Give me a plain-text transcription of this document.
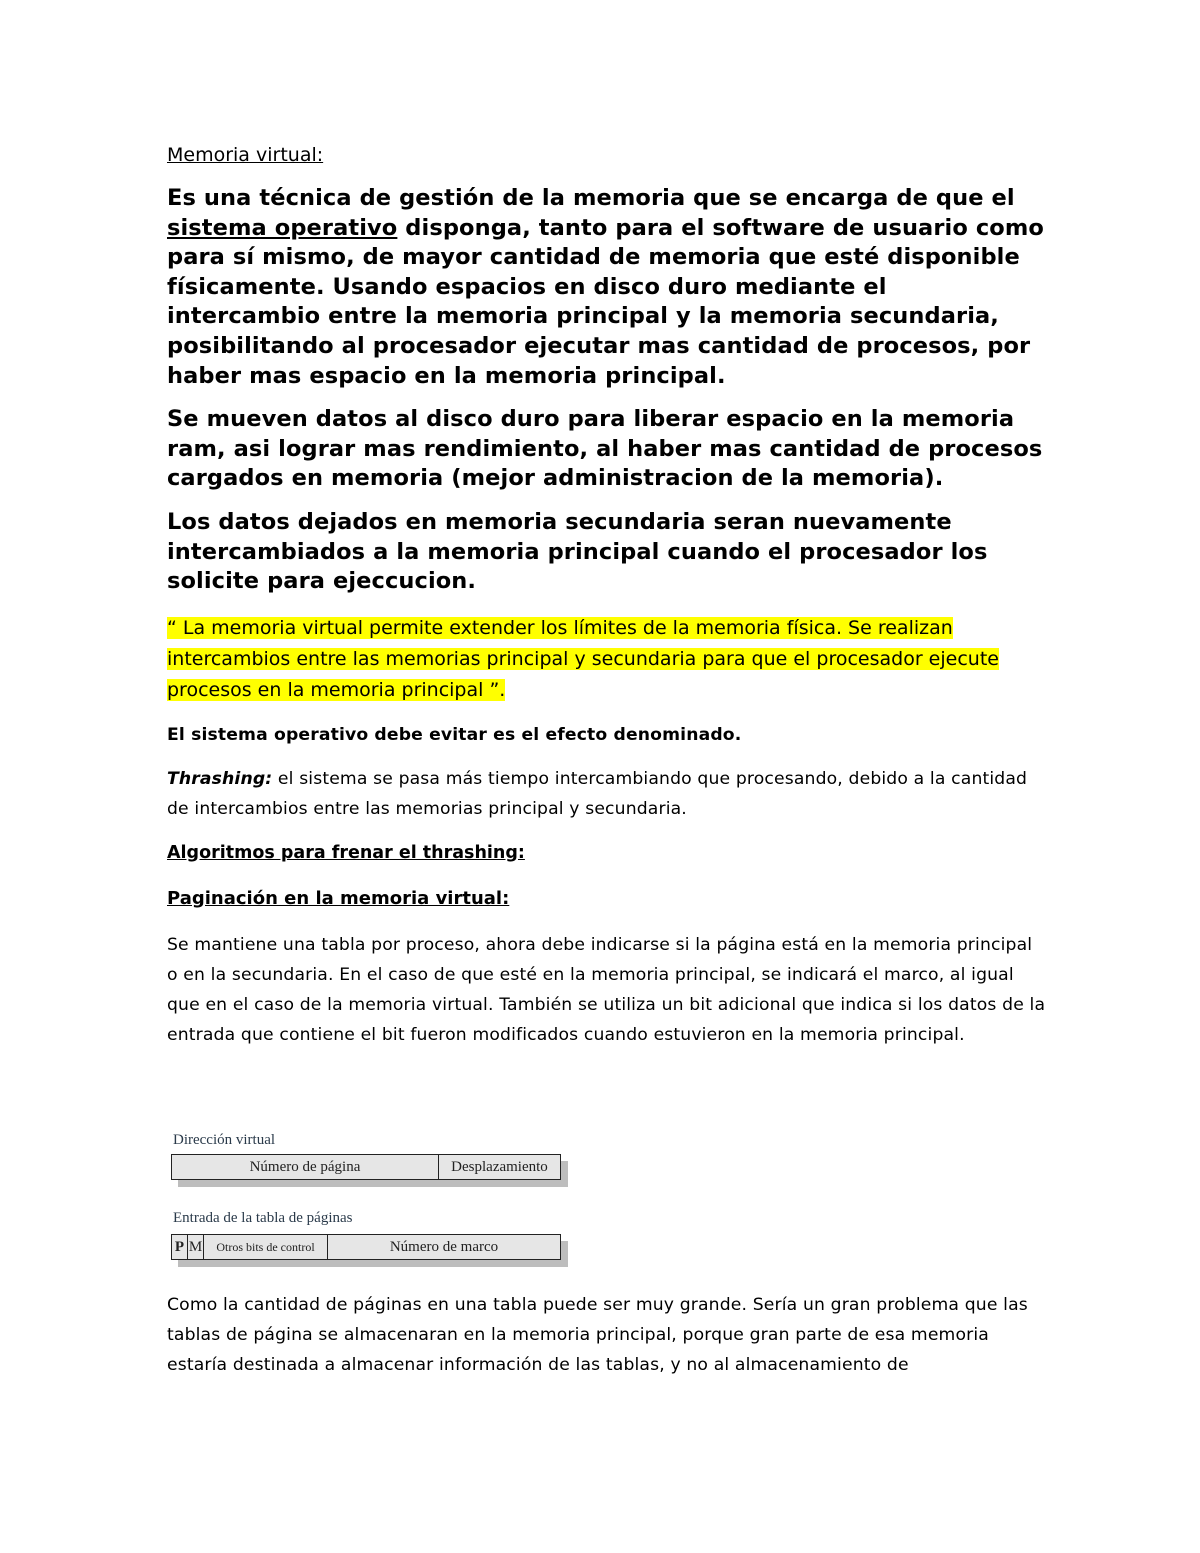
Memoria virtual:

Es una técnica de gestión de la memoria que se encarga de que el sistema operativo disponga, tanto para el software de usuario como para sí mismo, de mayor cantidad de memoria que esté disponible físicamente. Usando espacios en disco duro mediante el intercambio entre la memoria principal y la memoria secundaria, posibilitando al procesador ejecutar mas cantidad de procesos, por haber mas espacio en la memoria principal.

Se mueven datos al disco duro para liberar espacio en la memoria ram, asi lograr mas rendimiento, al haber mas cantidad de procesos cargados en memoria (mejor administracion de la memoria).

Los datos dejados en memoria secundaria seran nuevamente intercambiados a la memoria principal cuando el procesador los solicite para ejeccucion.

“ La memoria virtual permite extender los límites de la memoria física. Se realizan intercambios entre las memorias principal y secundaria para que el procesador ejecute procesos en la memoria principal ”.

El sistema operativo debe evitar es el efecto denominado.

Thrashing: el sistema se pasa más tiempo intercambiando que procesando, debido a la cantidad de intercambios entre las memorias principal y secundaria.

Algoritmos para frenar el thrashing:

Paginación en la memoria virtual:

Se mantiene una tabla por proceso, ahora debe indicarse si la página está en la memoria principal o en la secundaria. En el caso de que esté en la memoria principal, se indicará el marco, al igual que en el caso de la memoria virtual. También se utiliza un bit adicional que indica si los datos de la entrada que contiene el bit fueron modificados cuando estuvieron en la memoria principal.

Dirección virtual
Número de página	Desplazamiento
Entrada de la tabla de páginas
P M	Otros bits de control	Número de marco

Como la cantidad de páginas en una tabla puede ser muy grande. Sería un gran problema que las tablas de página se almacenaran en la memoria principal, porque gran parte de esa memoria estaría destinada a almacenar información de las tablas, y no al almacenamiento de
